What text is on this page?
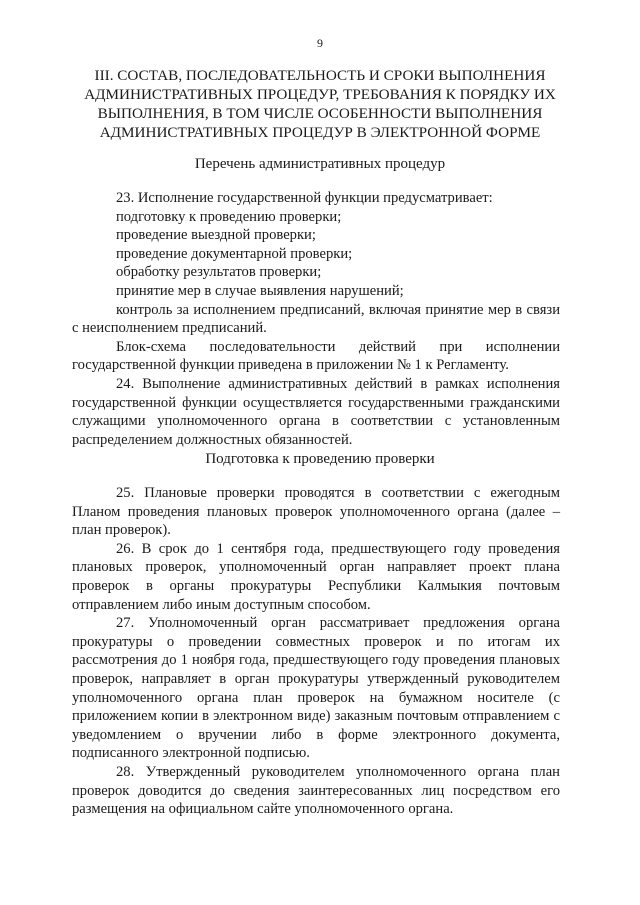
9
III. СОСТАВ, ПОСЛЕДОВАТЕЛЬНОСТЬ И СРОКИ ВЫПОЛНЕНИЯ АДМИНИСТРАТИВНЫХ ПРОЦЕДУР, ТРЕБОВАНИЯ К ПОРЯДКУ ИХ ВЫПОЛНЕНИЯ, В ТОМ ЧИСЛЕ ОСОБЕННОСТИ ВЫПОЛНЕНИЯ АДМИНИСТРАТИВНЫХ ПРОЦЕДУР В ЭЛЕКТРОННОЙ ФОРМЕ
Перечень административных процедур

23. Исполнение государственной функции предусматривает:

подготовку к проведению проверки;

проведение выездной проверки;

проведение документарной проверки;

обработку результатов проверки;

принятие мер в случае выявления нарушений;

контроль за исполнением предписаний, включая принятие мер в связи с неисполнением предписаний.

Блок-схема последовательности действий при исполнении государственной функции приведена в приложении № 1 к Регламенту.

24. Выполнение административных действий в рамках исполнения государственной функции осуществляется государственными гражданскими служащими уполномоченного органа в соответствии с установленным распределением должностных обязанностей.

Подготовка к проведению проверки

25. Плановые проверки проводятся в соответствии с ежегодным Планом проведения плановых проверок уполномоченного органа (далее – план проверок).

26. В срок до 1 сентября года, предшествующего году проведения плановых проверок, уполномоченный орган направляет проект плана проверок в органы прокуратуры Республики Калмыкия почтовым отправлением либо иным доступным способом.

27. Уполномоченный орган рассматривает предложения органа прокуратуры о проведении совместных проверок и по итогам их рассмотрения до 1 ноября года, предшествующего году проведения плановых проверок, направляет в орган прокуратуры утвержденный руководителем уполномоченного органа план проверок на бумажном носителе (с приложением копии в электронном виде) заказным почтовым отправлением с уведомлением о вручении либо в форме электронного документа, подписанного электронной подписью.

28. Утвержденный руководителем уполномоченного органа план проверок доводится до сведения заинтересованных лиц посредством его размещения на официальном сайте уполномоченного органа.
